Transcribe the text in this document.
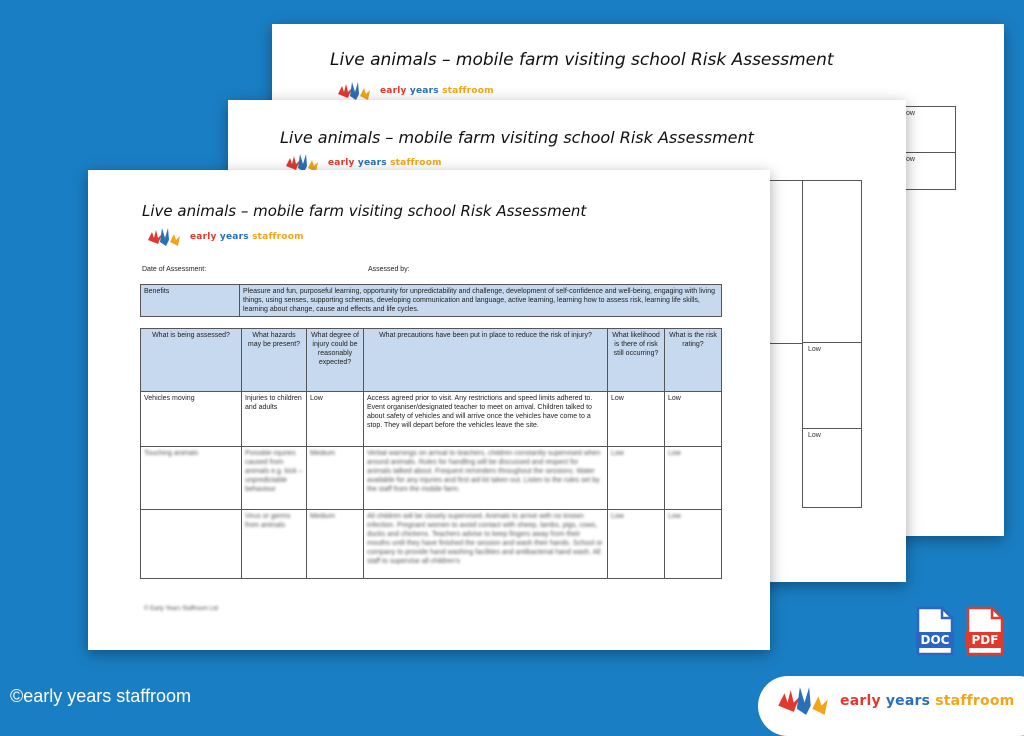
Live animals – mobile farm visiting school Risk Assessment
early years staffroom
ow
ow
Live animals – mobile farm visiting school Risk Assessment
early years staffroom
Low
Low
Live animals – mobile farm visiting school Risk Assessment
early years staffroom
Date of Assessment:	Assessed by:
Benefits	Pleasure and fun, purposeful learning, opportunity for unpredictability and challenge, development of self-confidence and well-being, engaging with living things, using senses, supporting schemas, developing communication and language, active learning, learning how to assess risk, learning life skills, learning about change, cause and effects and life cycles.
What is being assessed?	What hazards may be present?	What degree of injury could be reasonably expected?	What precautions have been put in place to reduce the risk of injury?	What likelihood is there of risk still occurring?	What is the risk rating?
Vehicles moving	Injuries to children and adults	Low	Access agreed prior to visit. Any restrictions and speed limits adhered to. Event organiser/designated teacher to meet on arrival. Children talked to about safety of vehicles and will arrive once the vehicles have come to a stop. They will depart before the vehicles leave the site.	Low	Low
Touching animals	Possible injuries caused from animals e.g. kick – unpredictable behaviour	Medium	Verbal warnings on arrival to teachers, children constantly supervised when around animals. Rules for handling will be discussed and respect for animals talked about. Frequent reminders throughout the sessions. Water available for any injuries and first aid kit taken out. Listen to the rules set by the staff from the mobile farm.	Low	Low
	Virus or germs from animals	Medium	All children will be closely supervised. Animals to arrive with no known infection. Pregnant women to avoid contact with sheep, lambs, pigs, cows, ducks and chickens. Teachers advise to keep fingers away from their mouths until they have finished the session and wash their hands. School or company to provide hand washing facilities and antibacterial hand wash. All staff to supervise all children's	Low	Low
© Early Years Staffroom Ltd
©early years staffroom
DOC	PDF
early years staffroom
